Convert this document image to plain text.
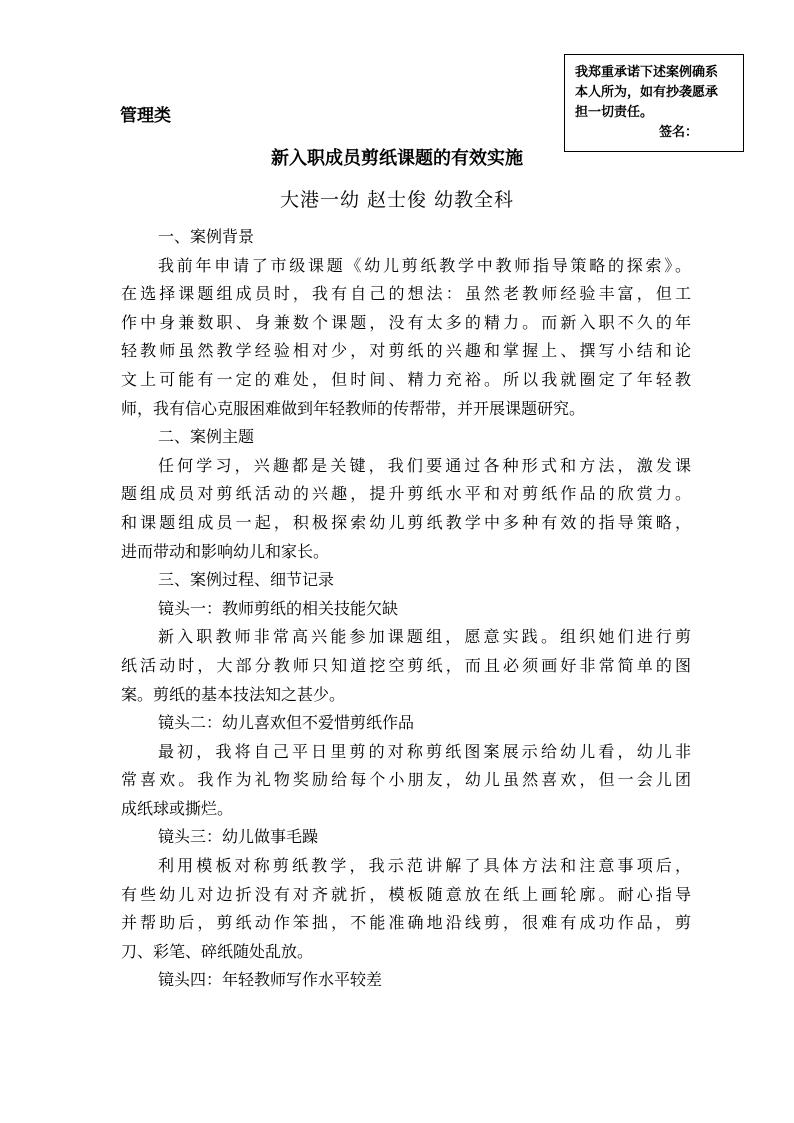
我郑重承诺下述案例确系
本人所为，如有抄袭愿承
担一切责任。
签名：
管理类
新入职成员剪纸课题的有效实施
大港一幼 赵士俊 幼教全科
一、案例背景
我前年申请了市级课题《幼儿剪纸教学中教师指导策略的探索》。
在选择课题组成员时，我有自己的想法：虽然老教师经验丰富，但工
作中身兼数职、身兼数个课题，没有太多的精力。而新入职不久的年
轻教师虽然教学经验相对少，对剪纸的兴趣和掌握上、撰写小结和论
文上可能有一定的难处，但时间、精力充裕。所以我就圈定了年轻教
师，我有信心克服困难做到年轻教师的传帮带，并开展课题研究。
二、案例主题
任何学习，兴趣都是关键，我们要通过各种形式和方法，激发课
题组成员对剪纸活动的兴趣，提升剪纸水平和对剪纸作品的欣赏力。
和课题组成员一起，积极探索幼儿剪纸教学中多种有效的指导策略，
进而带动和影响幼儿和家长。
三、案例过程、细节记录
镜头一：教师剪纸的相关技能欠缺
新入职教师非常高兴能参加课题组，愿意实践。组织她们进行剪
纸活动时，大部分教师只知道挖空剪纸，而且必须画好非常简单的图
案。剪纸的基本技法知之甚少。
镜头二：幼儿喜欢但不爱惜剪纸作品
最初，我将自己平日里剪的对称剪纸图案展示给幼儿看，幼儿非
常喜欢。我作为礼物奖励给每个小朋友，幼儿虽然喜欢，但一会儿团
成纸球或撕烂。
镜头三：幼儿做事毛躁
利用模板对称剪纸教学，我示范讲解了具体方法和注意事项后，
有些幼儿对边折没有对齐就折，模板随意放在纸上画轮廓。耐心指导
并帮助后，剪纸动作笨拙，不能准确地沿线剪，很难有成功作品，剪
刀、彩笔、碎纸随处乱放。
镜头四：年轻教师写作水平较差
